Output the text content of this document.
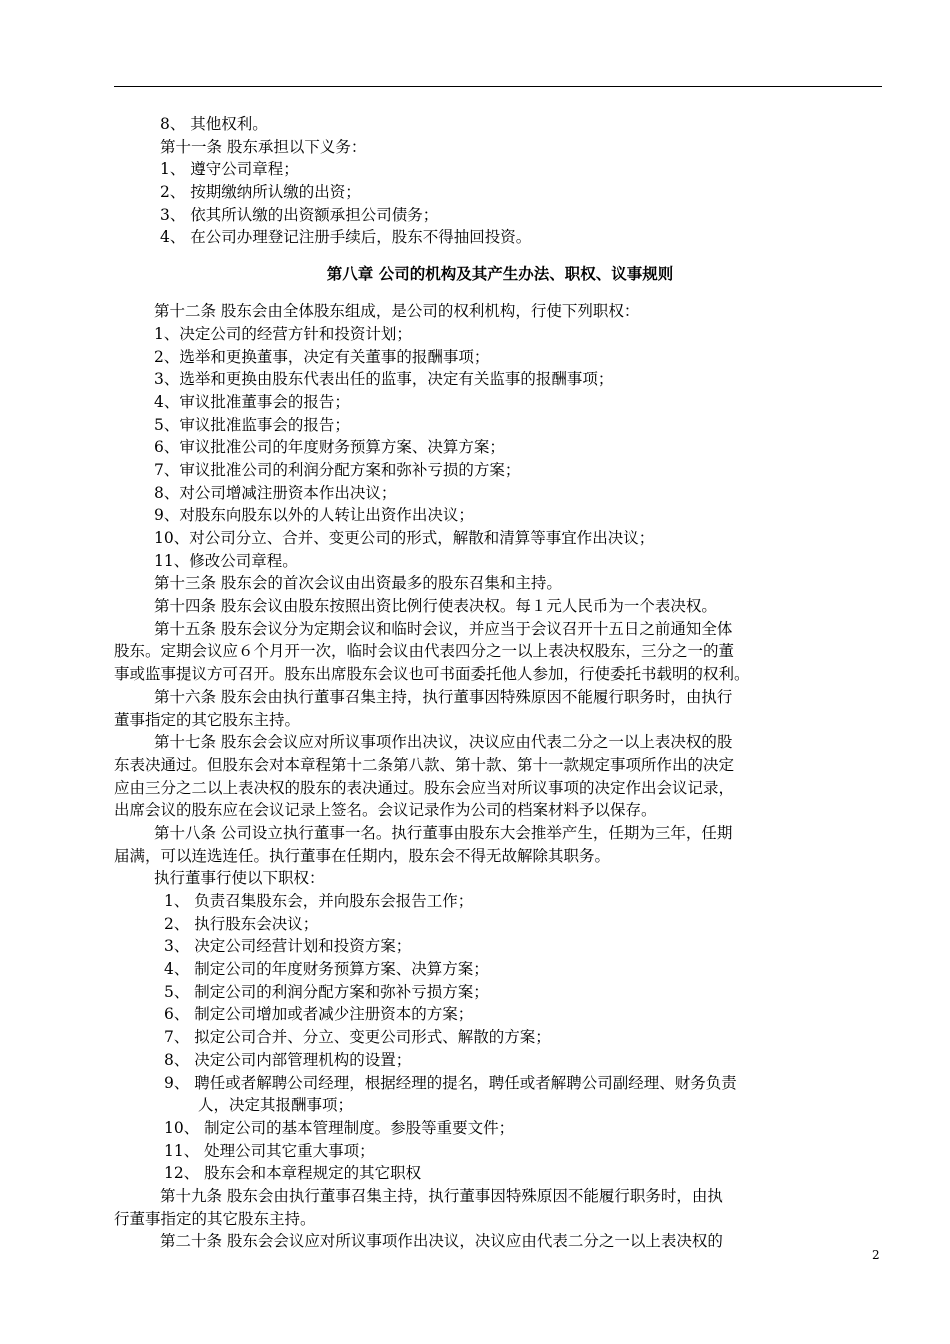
8、 其他权利。
第十一条 股东承担以下义务：
1、 遵守公司章程；
2、 按期缴纳所认缴的出资；
3、 依其所认缴的出资额承担公司债务；
4、 在公司办理登记注册手续后，股东不得抽回投资。
第八章 公司的机构及其产生办法、职权、议事规则
第十二条 股东会由全体股东组成，是公司的权利机构，行使下列职权：
1、决定公司的经营方针和投资计划；
2、选举和更换董事，决定有关董事的报酬事项；
3、选举和更换由股东代表出任的监事，决定有关监事的报酬事项；
4、审议批准董事会的报告；
5、审议批准监事会的报告；
6、审议批准公司的年度财务预算方案、决算方案；
7、审议批准公司的利润分配方案和弥补亏损的方案；
8、对公司增减注册资本作出决议；
9、对股东向股东以外的人转让出资作出决议；
10、对公司分立、合并、变更公司的形式，解散和清算等事宜作出决议；
11、修改公司章程。
第十三条 股东会的首次会议由出资最多的股东召集和主持。
第十四条 股东会议由股东按照出资比例行使表决权。每１元人民币为一个表决权。
第十五条 股东会议分为定期会议和临时会议，并应当于会议召开十五日之前通知全体
股东。定期会议应６个月开一次，临时会议由代表四分之一以上表决权股东，三分之一的董
事或监事提议方可召开。股东出席股东会议也可书面委托他人参加，行使委托书载明的权利。
第十六条 股东会由执行董事召集主持，执行董事因特殊原因不能履行职务时，由执行
董事指定的其它股东主持。
第十七条 股东会会议应对所议事项作出决议，决议应由代表二分之一以上表决权的股
东表决通过。但股东会对本章程第十二条第八款、第十款、第十一款规定事项所作出的决定
应由三分之二以上表决权的股东的表决通过。股东会应当对所议事项的决定作出会议记录，
出席会议的股东应在会议记录上签名。会议记录作为公司的档案材料予以保存。
第十八条 公司设立执行董事一名。执行董事由股东大会推举产生，任期为三年，任期
届满，可以连选连任。执行董事在任期内，股东会不得无故解除其职务。
执行董事行使以下职权：
1、 负责召集股东会，并向股东会报告工作；
2、 执行股东会决议；
3、 决定公司经营计划和投资方案；
4、 制定公司的年度财务预算方案、决算方案；
5、 制定公司的利润分配方案和弥补亏损方案；
6、 制定公司增加或者减少注册资本的方案；
7、 拟定公司合并、分立、变更公司形式、解散的方案；
8、 决定公司内部管理机构的设置；
9、 聘任或者解聘公司经理，根据经理的提名，聘任或者解聘公司副经理、财务负责
人，决定其报酬事项；
10、 制定公司的基本管理制度。参股等重要文件；
11、 处理公司其它重大事项；
12、 股东会和本章程规定的其它职权
第十九条 股东会由执行董事召集主持，执行董事因特殊原因不能履行职务时，由执
行董事指定的其它股东主持。
第二十条 股东会会议应对所议事项作出决议，决议应由代表二分之一以上表决权的
2
